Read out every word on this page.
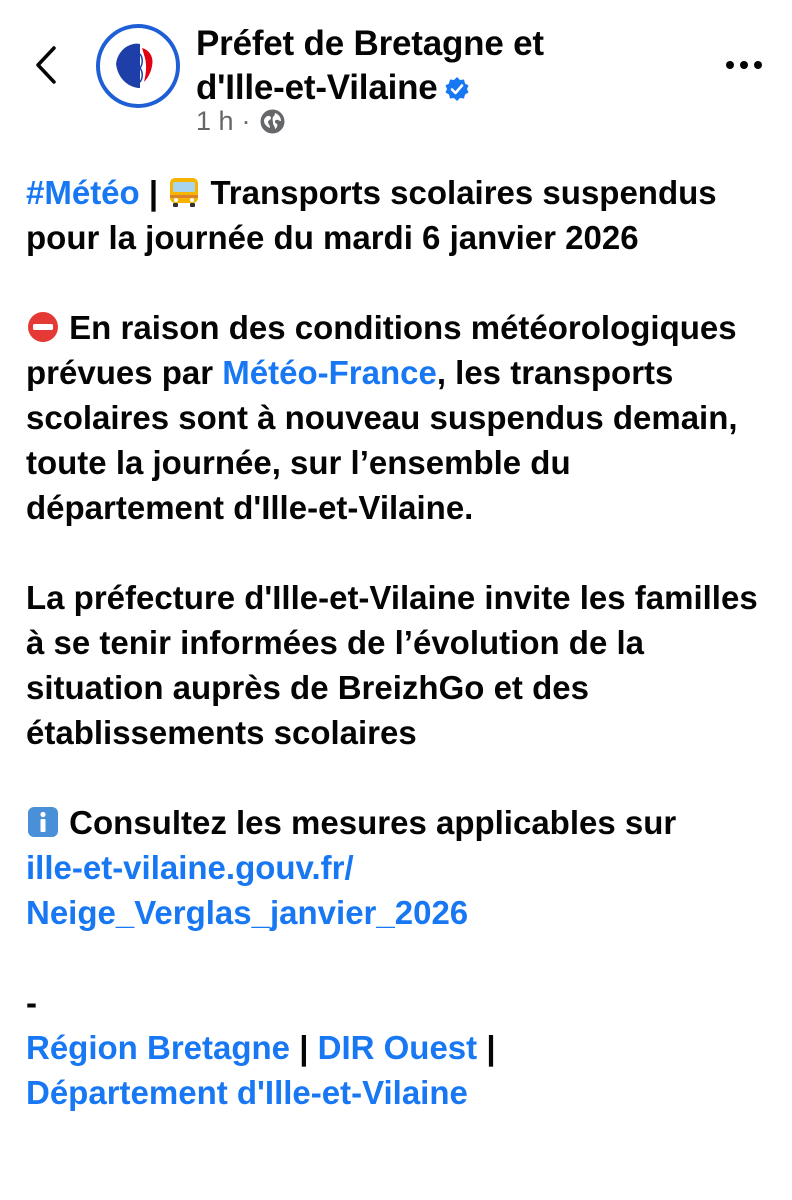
Préfet de Bretagne et
d'Ille-et-Vilaine
1 h ·

#Météo |  Transports scolaires suspendus pour la journée du mardi 6 janvier 2026

En raison des conditions météorologiques prévues par Météo-France, les transports scolaires sont à nouveau suspendus demain, toute la journée, sur l’ensemble du département d'Ille-et-Vilaine.

La préfecture d'Ille-et-Vilaine invite les familles à se tenir informées de l’évolution de la situation auprès de BreizhGo et des établissements scolaires

Consultez les mesures applicables sur
ille-et-vilaine.gouv.fr/
Neige_Verglas_janvier_2026

-
Région Bretagne | DIR Ouest |
Département d'Ille-et-Vilaine
